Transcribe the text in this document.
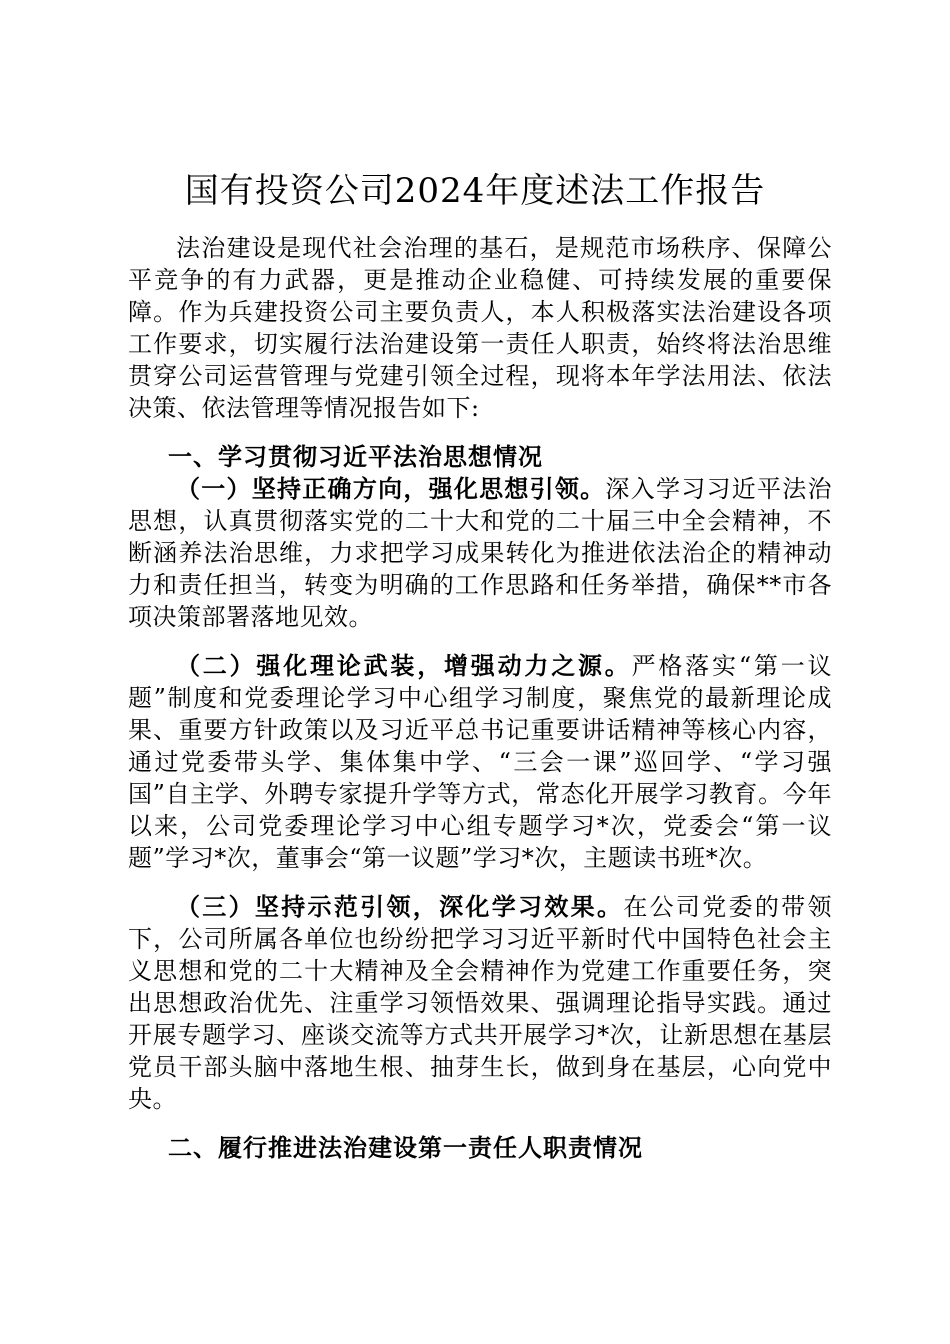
国有投资公司2024年度述法工作报告

法治建设是现代社会治理的基石，是规范市场秩序、保障公平竞争的有力武器，更是推动企业稳健、可持续发展的重要保障。作为兵建投资公司主要负责人，本人积极落实法治建设各项工作要求，切实履行法治建设第一责任人职责，始终将法治思维贯穿公司运营管理与党建引领全过程，现将本年学法用法、依法决策、依法管理等情况报告如下:

一、学习贯彻习近平法治思想情况

（一）坚持正确方向，强化思想引领。深入学习习近平法治思想，认真贯彻落实党的二十大和党的二十届三中全会精神，不断涵养法治思维，力求把学习成果转化为推进依法治企的精神动力和责任担当，转变为明确的工作思路和任务举措，确保**市各项决策部署落地见效。

（二）强化理论武装，增强动力之源。严格落实“第一议题”制度和党委理论学习中心组学习制度，聚焦党的最新理论成果、重要方针政策以及习近平总书记重要讲话精神等核心内容，通过党委带头学、集体集中学、“三会一课”巡回学、“学习强国”自主学、外聘专家提升学等方式，常态化开展学习教育。今年以来，公司党委理论学习中心组专题学习*次，党委会“第一议题”学习*次，董事会“第一议题”学习*次，主题读书班*次。

（三）坚持示范引领，深化学习效果。在公司党委的带领下，公司所属各单位也纷纷把学习习近平新时代中国特色社会主义思想和党的二十大精神及全会精神作为党建工作重要任务，突出思想政治优先、注重学习领悟效果、强调理论指导实践。通过开展专题学习、座谈交流等方式共开展学习*次，让新思想在基层党员干部头脑中落地生根、抽芽生长，做到身在基层，心向党中央。

二、履行推进法治建设第一责任人职责情况
